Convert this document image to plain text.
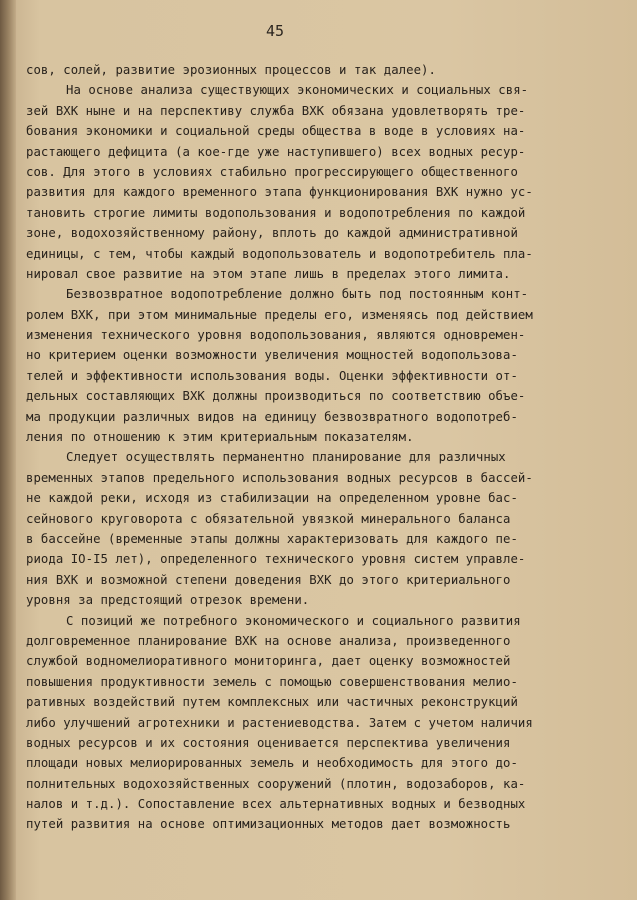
45
сов, солей, развитие эрозионных процессов и так далее).
На основе анализа существующих экономических и социальных свя-
зей ВХК ныне и на перспективу служба ВХК обязана удовлетворять тре-
бования экономики и социальной среды общества в воде в условиях на-
растающего дефицита (а кое-где уже наступившего) всех водных ресур-
сов. Для этого в условиях стабильно прогрессирующего общественного
развития для каждого временного этапа функционирования ВХК нужно ус-
тановить строгие лимиты водопользования и водопотребления по каждой
зоне, водохозяйственному району, вплоть до каждой административной
единицы, с тем, чтобы каждый водопользователь и водопотребитель пла-
нировал свое развитие на этом этапе лишь в пределах этого лимита.
Безвозвратное водопотребление должно быть под постоянным конт-
ролем ВХК, при этом минимальные пределы его, изменяясь под действием
изменения технического уровня водопользования, являются одновремен-
но критерием оценки возможности увеличения мощностей водопользова-
телей и эффективности использования воды. Оценки эффективности от-
дельных составляющих ВХК должны производиться по соответствию объе-
ма продукции различных видов на единицу безвозвратного водопотреб-
ления по отношению к этим критериальным показателям.
Следует осуществлять перманентно планирование для различных
временных этапов предельного использования водных ресурсов в бассей-
не каждой реки, исходя из стабилизации на определенном уровне бас-
сейнового круговорота с обязательной увязкой минерального баланса
в бассейне (временные этапы должны характеризовать для каждого пе-
риода IO-I5 лет), определенного технического уровня систем управле-
ния ВХК и возможной степени доведения ВХК до этого критериального
уровня за предстоящий отрезок времени.
С позиций же потребного экономического и социального развития
долговременное планирование ВХК на основе анализа, произведенного
службой водномелиоративного мониторинга, дает оценку возможностей
повышения продуктивности земель с помощью совершенствования мелио-
ративных воздействий путем комплексных или частичных реконструкций
либо улучшений агротехники и растениеводства. Затем с учетом наличия
водных ресурсов и их состояния оценивается перспектива увеличения
площади новых мелиорированных земель и необходимость для этого до-
полнительных водохозяйственных сооружений (плотин, водозаборов, ка-
налов и т.д.). Сопоставление всех альтернативных водных и безводных
путей развития на основе оптимизационных методов дает возможность
